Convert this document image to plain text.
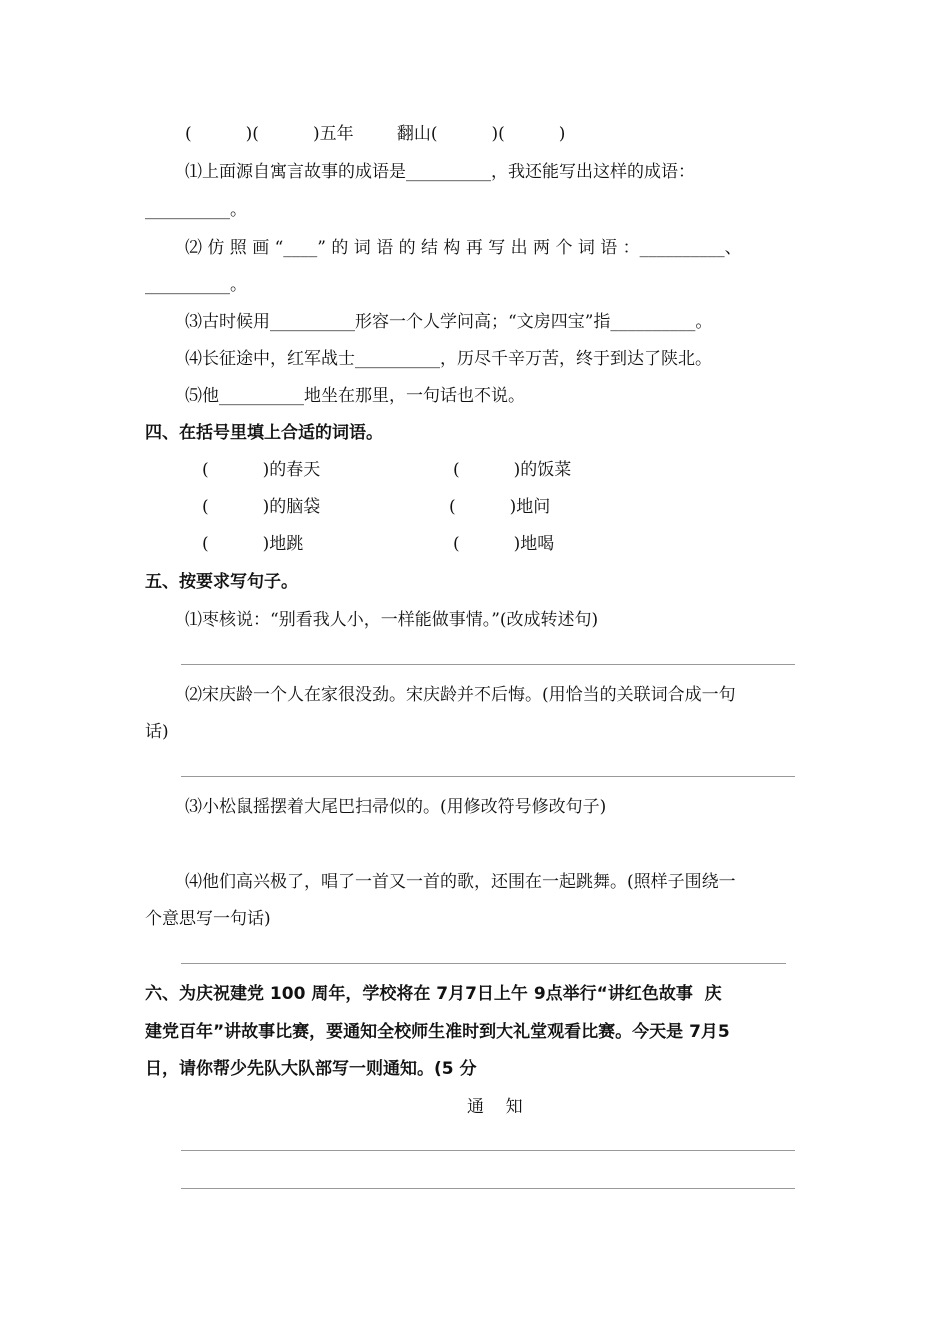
(          )(          )五年        翻山(          )(          )
⑴上面源自寓言故事的成语是__________，我还能写出这样的成语：
__________。
⑵ 仿 照 画 “____” 的 词 语 的 结 构 再 写 出 两 个 词 语 ：__________、
__________。
⑶古时候用__________形容一个人学问高；“文房四宝”指__________。
⑷长征途中，红军战士__________，历尽千辛万苦，终于到达了陕北。
⑸他__________地坐在那里，一句话也不说。
四、在括号里填上合适的词语。
(          )的春天	(          )的饭菜
(          )的脑袋	(          )地问
(          )地跳	(          )地喝
五、按要求写句子。
⑴枣核说：“别看我人小，一样能做事情。”(改成转述句)
⑵宋庆龄一个人在家很没劲。宋庆龄并不后悔。(用恰当的关联词合成一句
话)
⑶小松鼠摇摆着大尾巴扫帚似的。(用修改符号修改句子)
⑷他们高兴极了，唱了一首又一首的歌，还围在一起跳舞。(照样子围绕一
个意思写一句话)
六、为庆祝建党 100 周年，学校将在 7月7日上午 9点举行“讲红色故事  庆
建党百年”讲故事比赛，要通知全校师生准时到大礼堂观看比赛。今天是 7月5
日，请你帮少先队大队部写一则通知。(5 分
通    知
